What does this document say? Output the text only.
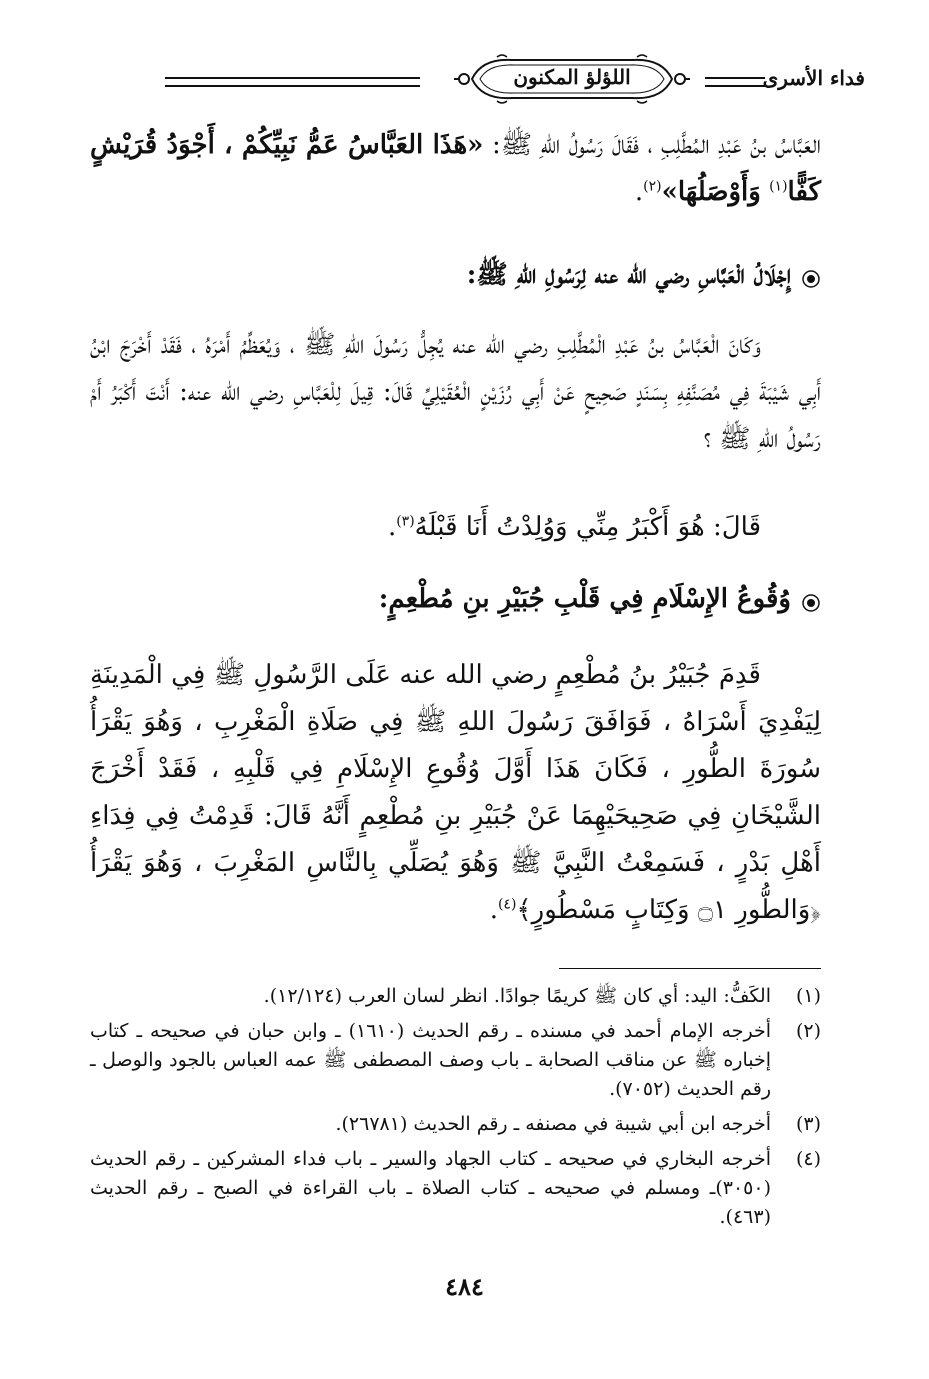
فداء الأسرى
اللؤلؤ المكنون
العَبَّاسُ بنُ عَبْدِ المُطَّلِبِ ، فَقَالَ رَسُولُ اللهِ ﷺ: «هَذَا العَبَّاسُ عَمُّ نَبِيِّكُمْ ، أَجْوَدُ قُرَيْشٍ كَفًّا$^{(١)}$ وَأَوْصَلُهَا»$^{(٢)}$.
إِجْلَالُ الْعَبَّاسِ رضي الله عنه لِرَسُولِ اللهِ ﷺ:
وَكَانَ الْعَبَّاسُ بنُ عَبْدِ الْمُطَّلِبِ رضي الله عنه يُجِلُّ رَسُولَ اللهِ ﷺ ، وَيُعَظِّمُ أَمْرَهُ ، فَقَدْ أَخْرَجَ ابْنُ أَبِي شَيْبَةَ فِي مُصَنَّفِهِ بِسَنَدٍ صَحِيحٍ عَنْ أَبِي رُزَيْنٍ الْعُقَيْلِيِّ قَالَ: قِيلَ لِلْعَبَّاسِ رضي الله عنه: أَنْتَ أَكْبَرُ أَمْ رَسُولُ اللهِ ﷺ ؟
قَالَ: هُوَ أَكْبَرُ مِنِّي وَوُلِدْتُ أَنَا قَبْلَهُ$^{(٣)}$.
وُقُوعُ الإِسْلَامِ فِي قَلْبِ جُبَيْرِ بنِ مُطْعِمٍ:
قَدِمَ جُبَيْرُ بنُ مُطْعِمٍ رضي الله عنه عَلَى الرَّسُولِ ﷺ فِي الْمَدِينَةِ لِيَفْدِيَ أَسْرَاهُ ، فَوَافَقَ رَسُولَ اللهِ ﷺ فِي صَلَاةِ الْمَغْرِبِ ، وَهُوَ يَقْرَأُ سُورَةَ الطُّورِ ، فَكَانَ هَذَا أَوَّلَ وُقُوعِ الإِسْلَامِ فِي قَلْبِهِ ، فَقَدْ أَخْرَجَ الشَّيْخَانِ فِي صَحِيحَيْهِمَا عَنْ جُبَيْرِ بنِ مُطْعِمٍ أَنَّهُ قَالَ: قَدِمْتُ فِي فِدَاءِ أَهْلِ بَدْرٍ ، فَسَمِعْتُ النَّبِيَّ ﷺ وَهُوَ يُصَلِّي بِالنَّاسِ المَغْرِبَ ، وَهُوَ يَقْرَأُ ﴿وَالطُّورِ ۝١ وَكِتَابٍ مَسْطُورٍ﴾$^{(٤)}$.
(١)
الكَفُّ: اليد: أي كان ﷺ كريمًا جوادًا. انظر لسان العرب (١٢/١٢٤).
(٢)
أخرجه الإمام أحمد في مسنده ـ رقم الحديث (١٦١٠) ـ وابن حبان في صحيحه ـ كتاب إخباره ﷺ عن مناقب الصحابة ـ باب وصف المصطفى ﷺ عمه العباس بالجود والوصل ـ رقم الحديث (٧٠٥٢).
(٣)
أخرجه ابن أبي شيبة في مصنفه ـ رقم الحديث (٢٦٧٨١).
(٤)
أخرجه البخاري في صحيحه ـ كتاب الجهاد والسير ـ باب فداء المشركين ـ رقم الحديث (٣٠٥٠)ـ ومسلم في صحيحه ـ كتاب الصلاة ـ باب القراءة في الصبح ـ رقم الحديث (٤٦٣).
٤٨٤
